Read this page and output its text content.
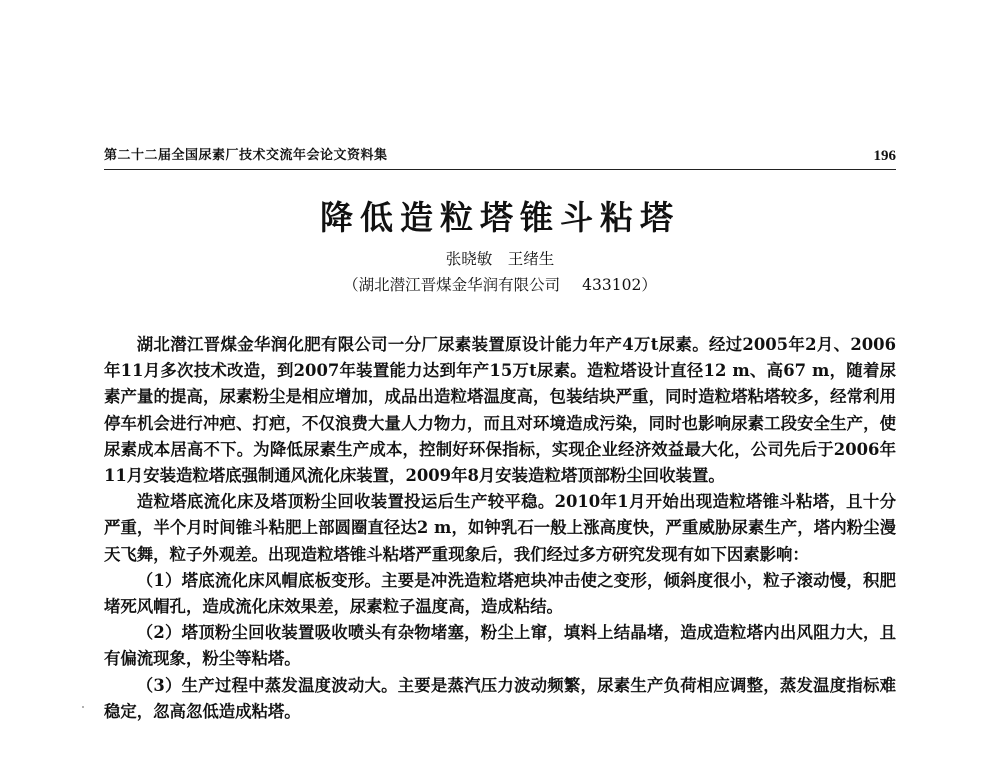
第二十二届全国尿素厂技术交流年会论文资料集	196
降低造粒塔锥斗粘塔
张晓敏　王绪生
（湖北潜江晋煤金华润有限公司 433102）

湖北潜江晋煤金华润化肥有限公司一分厂尿素装置原设计能力年产4万t尿素。经过2005年2月、2006年11月多次技术改造，到2007年装置能力达到年产15万t尿素。造粒塔设计直径12 m、高67 m，随着尿素产量的提高，尿素粉尘是相应增加，成品出造粒塔温度高，包装结块严重，同时造粒塔粘塔较多，经常利用停车机会进行冲疤、打疤，不仅浪费大量人力物力，而且对环境造成污染，同时也影响尿素工段安全生产，使尿素成本居高不下。为降低尿素生产成本，控制好环保指标，实现企业经济效益最大化，公司先后于2006年11月安装造粒塔底强制通风流化床装置，2009年8月安装造粒塔顶部粉尘回收装置。

造粒塔底流化床及塔顶粉尘回收装置投运后生产较平稳。2010年1月开始出现造粒塔锥斗粘塔，且十分严重，半个月时间锥斗粘肥上部圆圈直径达2 m，如钟乳石一般上涨高度快，严重威胁尿素生产，塔内粉尘漫天飞舞，粒子外观差。出现造粒塔锥斗粘塔严重现象后，我们经过多方研究发现有如下因素影响：

（1）塔底流化床风帽底板变形。主要是冲洗造粒塔疤块冲击使之变形，倾斜度很小，粒子滚动慢，积肥堵死风帽孔，造成流化床效果差，尿素粒子温度高，造成粘结。

（2）塔顶粉尘回收装置吸收喷头有杂物堵塞，粉尘上窜，填料上结晶堵，造成造粒塔内出风阻力大，且有偏流现象，粉尘等粘塔。

（3）生产过程中蒸发温度波动大。主要是蒸汽压力波动频繁，尿素生产负荷相应调整，蒸发温度指标难稳定，忽高忽低造成粘塔。
